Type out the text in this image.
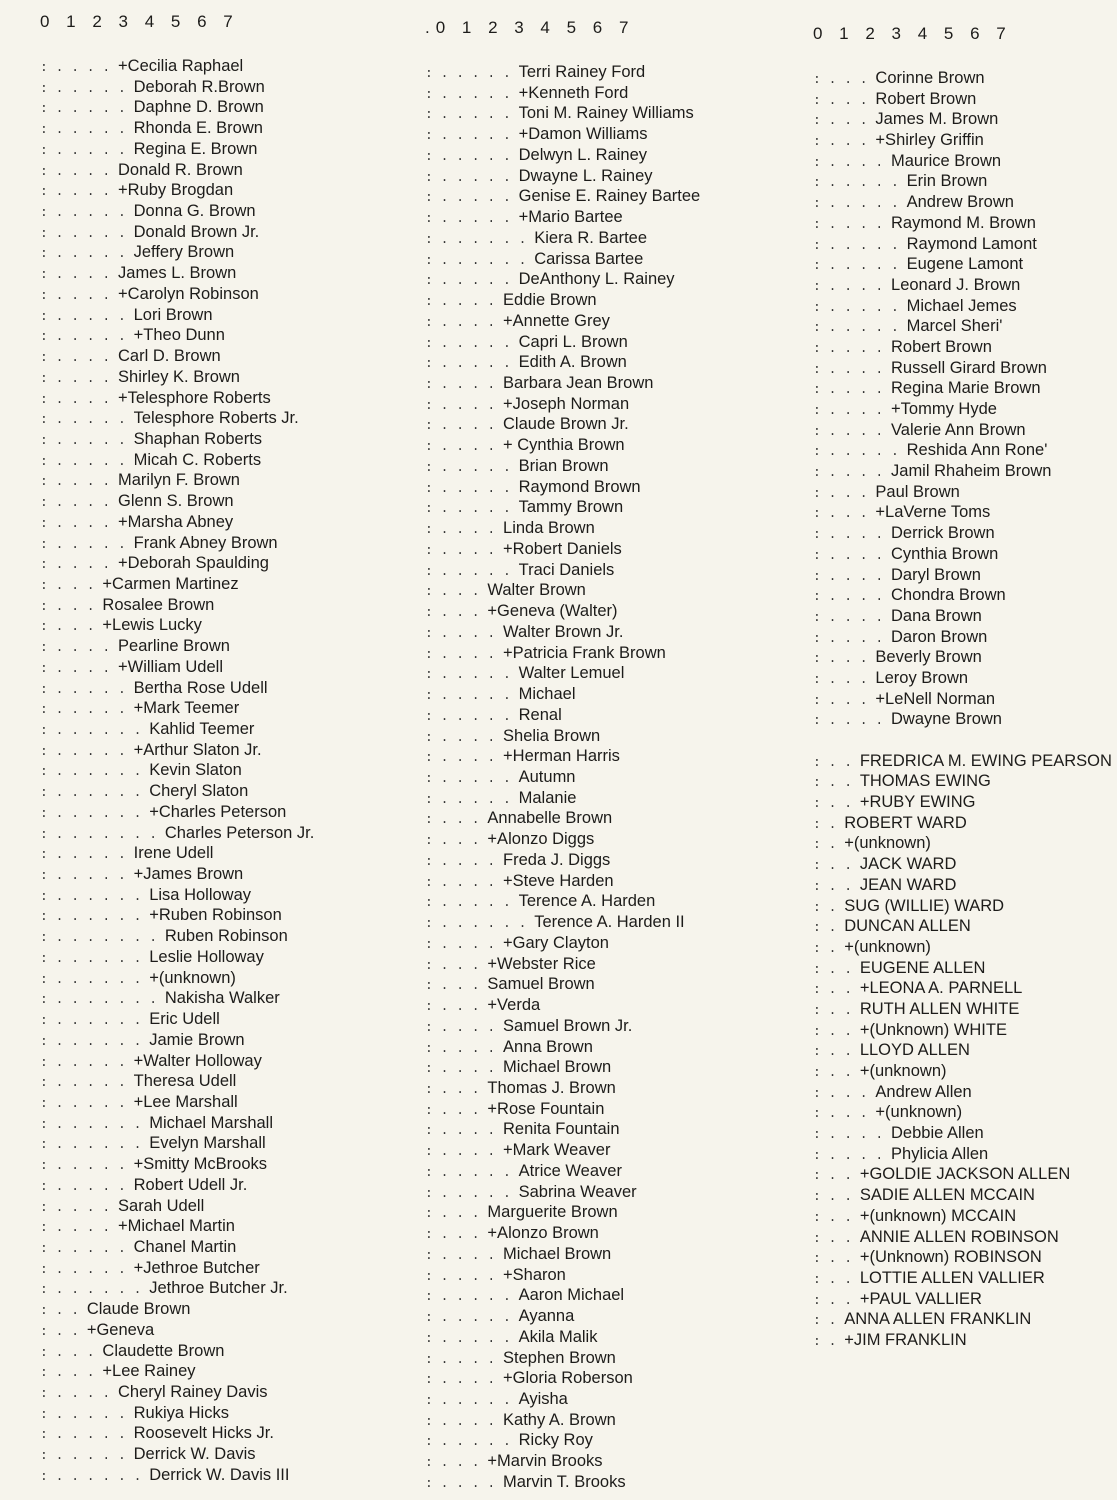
0 1 2 3 4 5 6 7
: . . . . +Cecilia Raphael
: . . . . . Deborah R.Brown
: . . . . . Daphne D. Brown
: . . . . . Rhonda E. Brown
: . . . . . Regina E. Brown
: . . . . Donald R. Brown
: . . . . +Ruby Brogdan
: . . . . . Donna G. Brown
: . . . . . Donald Brown Jr.
: . . . . . Jeffery Brown
: . . . . James L. Brown
: . . . . +Carolyn Robinson
: . . . . . Lori Brown
: . . . . . +Theo Dunn
: . . . . Carl D. Brown
: . . . . Shirley K. Brown
: . . . . +Telesphore Roberts
: . . . . . Telesphore Roberts Jr.
: . . . . . Shaphan Roberts
: . . . . . Micah C. Roberts
: . . . . Marilyn F. Brown
: . . . . Glenn S. Brown
: . . . . +Marsha Abney
: . . . . . Frank Abney Brown
: . . . . +Deborah Spaulding
: . . . +Carmen Martinez
: . . . Rosalee Brown
: . . . +Lewis Lucky
: . . . . Pearline Brown
: . . . . +William Udell
: . . . . . Bertha Rose Udell
: . . . . . +Mark Teemer
: . . . . . . Kahlid Teemer
: . . . . . +Arthur Slaton Jr.
: . . . . . . Kevin Slaton
: . . . . . . Cheryl Slaton
: . . . . . . +Charles Peterson
: . . . . . . . Charles Peterson Jr.
: . . . . . Irene Udell
: . . . . . +James Brown
: . . . . . . Lisa Holloway
: . . . . . . +Ruben Robinson
: . . . . . . . Ruben Robinson
: . . . . . . Leslie Holloway
: . . . . . . +(unknown)
: . . . . . . . Nakisha Walker
: . . . . . . Eric Udell
: . . . . . . Jamie Brown
: . . . . . +Walter Holloway
: . . . . . Theresa Udell
: . . . . . +Lee Marshall
: . . . . . . Michael Marshall
: . . . . . . Evelyn Marshall
: . . . . . +Smitty McBrooks
: . . . . . Robert Udell Jr.
: . . . . Sarah Udell
: . . . . +Michael Martin
: . . . . . Chanel Martin
: . . . . . +Jethroe Butcher
: . . . . . . Jethroe Butcher Jr.
: . . Claude Brown
: . . +Geneva
: . . . Claudette Brown
: . . . +Lee Rainey
: . . . . Cheryl Rainey Davis
: . . . . . Rukiya Hicks
: . . . . . Roosevelt Hicks Jr.
: . . . . . Derrick W. Davis
: . . . . . . Derrick W. Davis III
.0 1 2 3 4 5 6 7
: . . . . . Terri Rainey Ford
: . . . . . +Kenneth Ford
: . . . . . Toni M. Rainey Williams
: . . . . . +Damon Williams
: . . . . . Delwyn L. Rainey
: . . . . . Dwayne L. Rainey
: . . . . . Genise E. Rainey Bartee
: . . . . . +Mario Bartee
: . . . . . . Kiera R. Bartee
: . . . . . . Carissa Bartee
: . . . . . DeAnthony L. Rainey
: . . . . Eddie Brown
: . . . . +Annette Grey
: . . . . . Capri L. Brown
: . . . . . Edith A. Brown
: . . . . Barbara Jean Brown
: . . . . +Joseph Norman
: . . . . Claude Brown Jr.
: . . . . + Cynthia Brown
: . . . . . Brian Brown
: . . . . . Raymond Brown
: . . . . . Tammy Brown
: . . . . Linda Brown
: . . . . +Robert Daniels
: . . . . . Traci Daniels
: . . . Walter Brown
: . . . +Geneva (Walter)
: . . . . Walter Brown Jr.
: . . . . +Patricia Frank Brown
: . . . . . Walter Lemuel
: . . . . . Michael
: . . . . . Renal
: . . . . Shelia Brown
: . . . . +Herman Harris
: . . . . . Autumn
: . . . . . Malanie
: . . . Annabelle Brown
: . . . +Alonzo Diggs
: . . . . Freda J. Diggs
: . . . . +Steve Harden
: . . . . . Terence A. Harden
: . . . . . . Terence A. Harden II
: . . . . +Gary Clayton
: . . . +Webster Rice
: . . . Samuel Brown
: . . . +Verda
: . . . . Samuel Brown Jr.
: . . . . Anna Brown
: . . . . Michael Brown
: . . . Thomas J. Brown
: . . . +Rose Fountain
: . . . . Renita Fountain
: . . . . +Mark Weaver
: . . . . . Atrice Weaver
: . . . . . Sabrina Weaver
: . . . Marguerite Brown
: . . . +Alonzo Brown
: . . . . Michael Brown
: . . . . +Sharon
: . . . . . Aaron Michael
: . . . . . Ayanna
: . . . . . Akila Malik
: . . . . Stephen Brown
: . . . . +Gloria Roberson
: . . . . . Ayisha
: . . . . Kathy A. Brown
: . . . . . Ricky Roy
: . . . +Marvin Brooks
: . . . . Marvin T. Brooks
0 1 2 3 4 5 6 7
: . . . Corinne Brown
: . . . Robert Brown
: . . . James M. Brown
: . . . +Shirley Griffin
: . . . . Maurice Brown
: . . . . . Erin Brown
: . . . . . Andrew Brown
: . . . . Raymond M. Brown
: . . . . . Raymond Lamont
: . . . . . Eugene Lamont
: . . . . Leonard J. Brown
: . . . . . Michael Jemes
: . . . . . Marcel Sheri'
: . . . . Robert Brown
: . . . . Russell Girard Brown
: . . . . Regina Marie Brown
: . . . . +Tommy Hyde
: . . . . Valerie Ann Brown
: . . . . . Reshida Ann Rone'
: . . . . Jamil Rhaheim Brown
: . . . Paul Brown
: . . . +LaVerne Toms
: . . . . Derrick Brown
: . . . . Cynthia Brown
: . . . . Daryl Brown
: . . . . Chondra Brown
: . . . . Dana Brown
: . . . . Daron Brown
: . . . Beverly Brown
: . . . Leroy Brown
: . . . +LeNell Norman
: . . . . Dwayne Brown
: . . FREDRICA M. EWING PEARSON
: . . THOMAS EWING
: . . +RUBY EWING
: . ROBERT WARD
: . +(unknown)
: . . JACK WARD
: . . JEAN WARD
: . SUG (WILLIE) WARD
: . DUNCAN ALLEN
: . +(unknown)
: . . EUGENE ALLEN
: . . +LEONA A. PARNELL
: . . RUTH ALLEN WHITE
: . . +(Unknown) WHITE
: . . LLOYD ALLEN
: . . +(unknown)
: . . . Andrew Allen
: . . . +(unknown)
: . . . . Debbie Allen
: . . . . Phylicia Allen
: . . +GOLDIE JACKSON ALLEN
: . . SADIE ALLEN MCCAIN
: . . +(unknown) MCCAIN
: . . ANNIE ALLEN ROBINSON
: . . +(Unknown) ROBINSON
: . . LOTTIE ALLEN VALLIER
: . . +PAUL VALLIER
: . ANNA ALLEN FRANKLIN
: . +JIM FRANKLIN
